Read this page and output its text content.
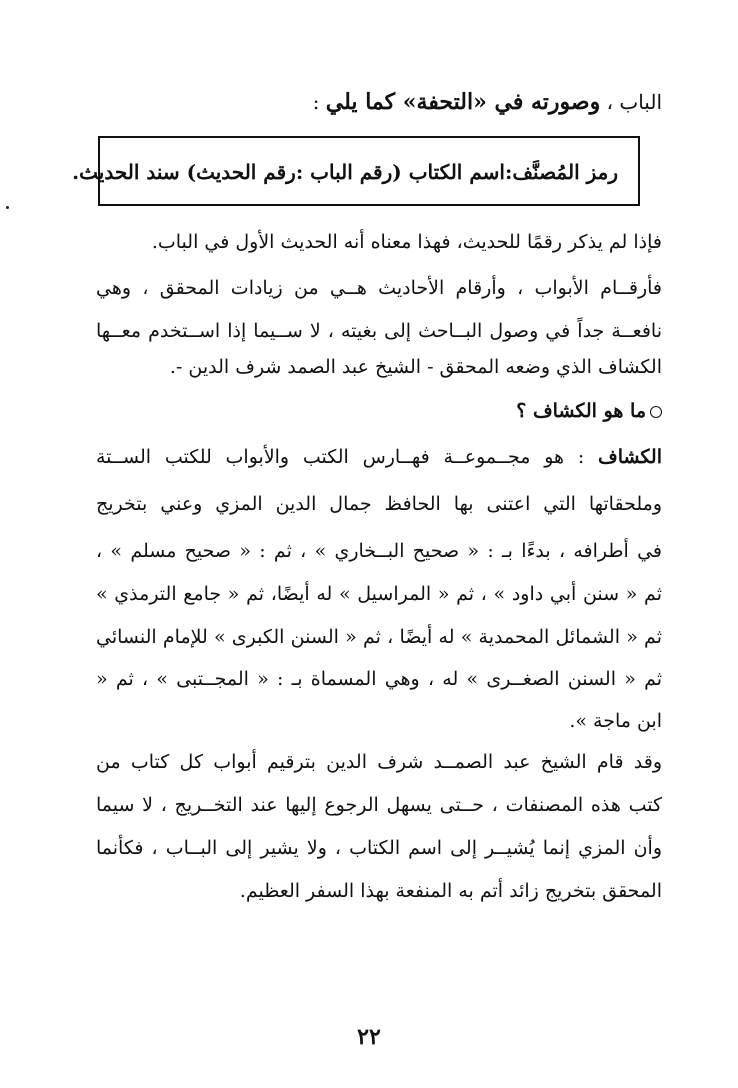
الباب ، وصورته في «التحفة» كما يلي :
رمز المُصنَّف:اسم الكتاب (رقم الباب :رقم الحديث) سند الحديث.
فإذا لم يذكر رقمًا للحديث، فهذا معناه أنه الحديث الأول في الباب.
فأرقــام الأبواب ، وأرقام الأحاديث هــي من زيادات المحقق ، وهي
نافعــة جداً في وصول البــاحث إلى بغيته ، لا ســيما إذا اســتخدم معــها
الكشاف الذي وضعه المحقق - الشيخ عبد الصمد شرف الدين -.
ما هو الكشاف ؟
الكشاف : هو مجــموعــة فهــارس الكتب والأبواب للكتب الســتة
وملحقاتها التي اعتنى بها الحافظ جمال الدين المزي وعني بتخريج
في أطرافه ، بدءًا بـ : « صحيح البــخاري » ، ثم : « صحيح مسلم » ،
ثم « سنن أبي داود » ، ثم « المراسيل » له أيضًا، ثم « جامع الترمذي »
ثم « الشمائل المحمدية » له أيضًا ، ثم « السنن الكبرى » للإمام النسائي
ثم « السنن الصغــرى » له ، وهي المسماة بـ : « المجــتبى » ، ثم «
ابن ماجة ».
وقد قام الشيخ عبد الصمــد شرف الدين بترقيم أبواب كل كتاب من
كتب هذه المصنفات ، حــتى يسهل الرجوع إليها عند التخــريج ، لا سيما
وأن المزي إنما يُشيــر إلى اسم الكتاب ، ولا يشير إلى البــاب ، فكأنما
المحقق بتخريج زائد أتم به المنفعة بهذا السفر العظيم.
٢٢
